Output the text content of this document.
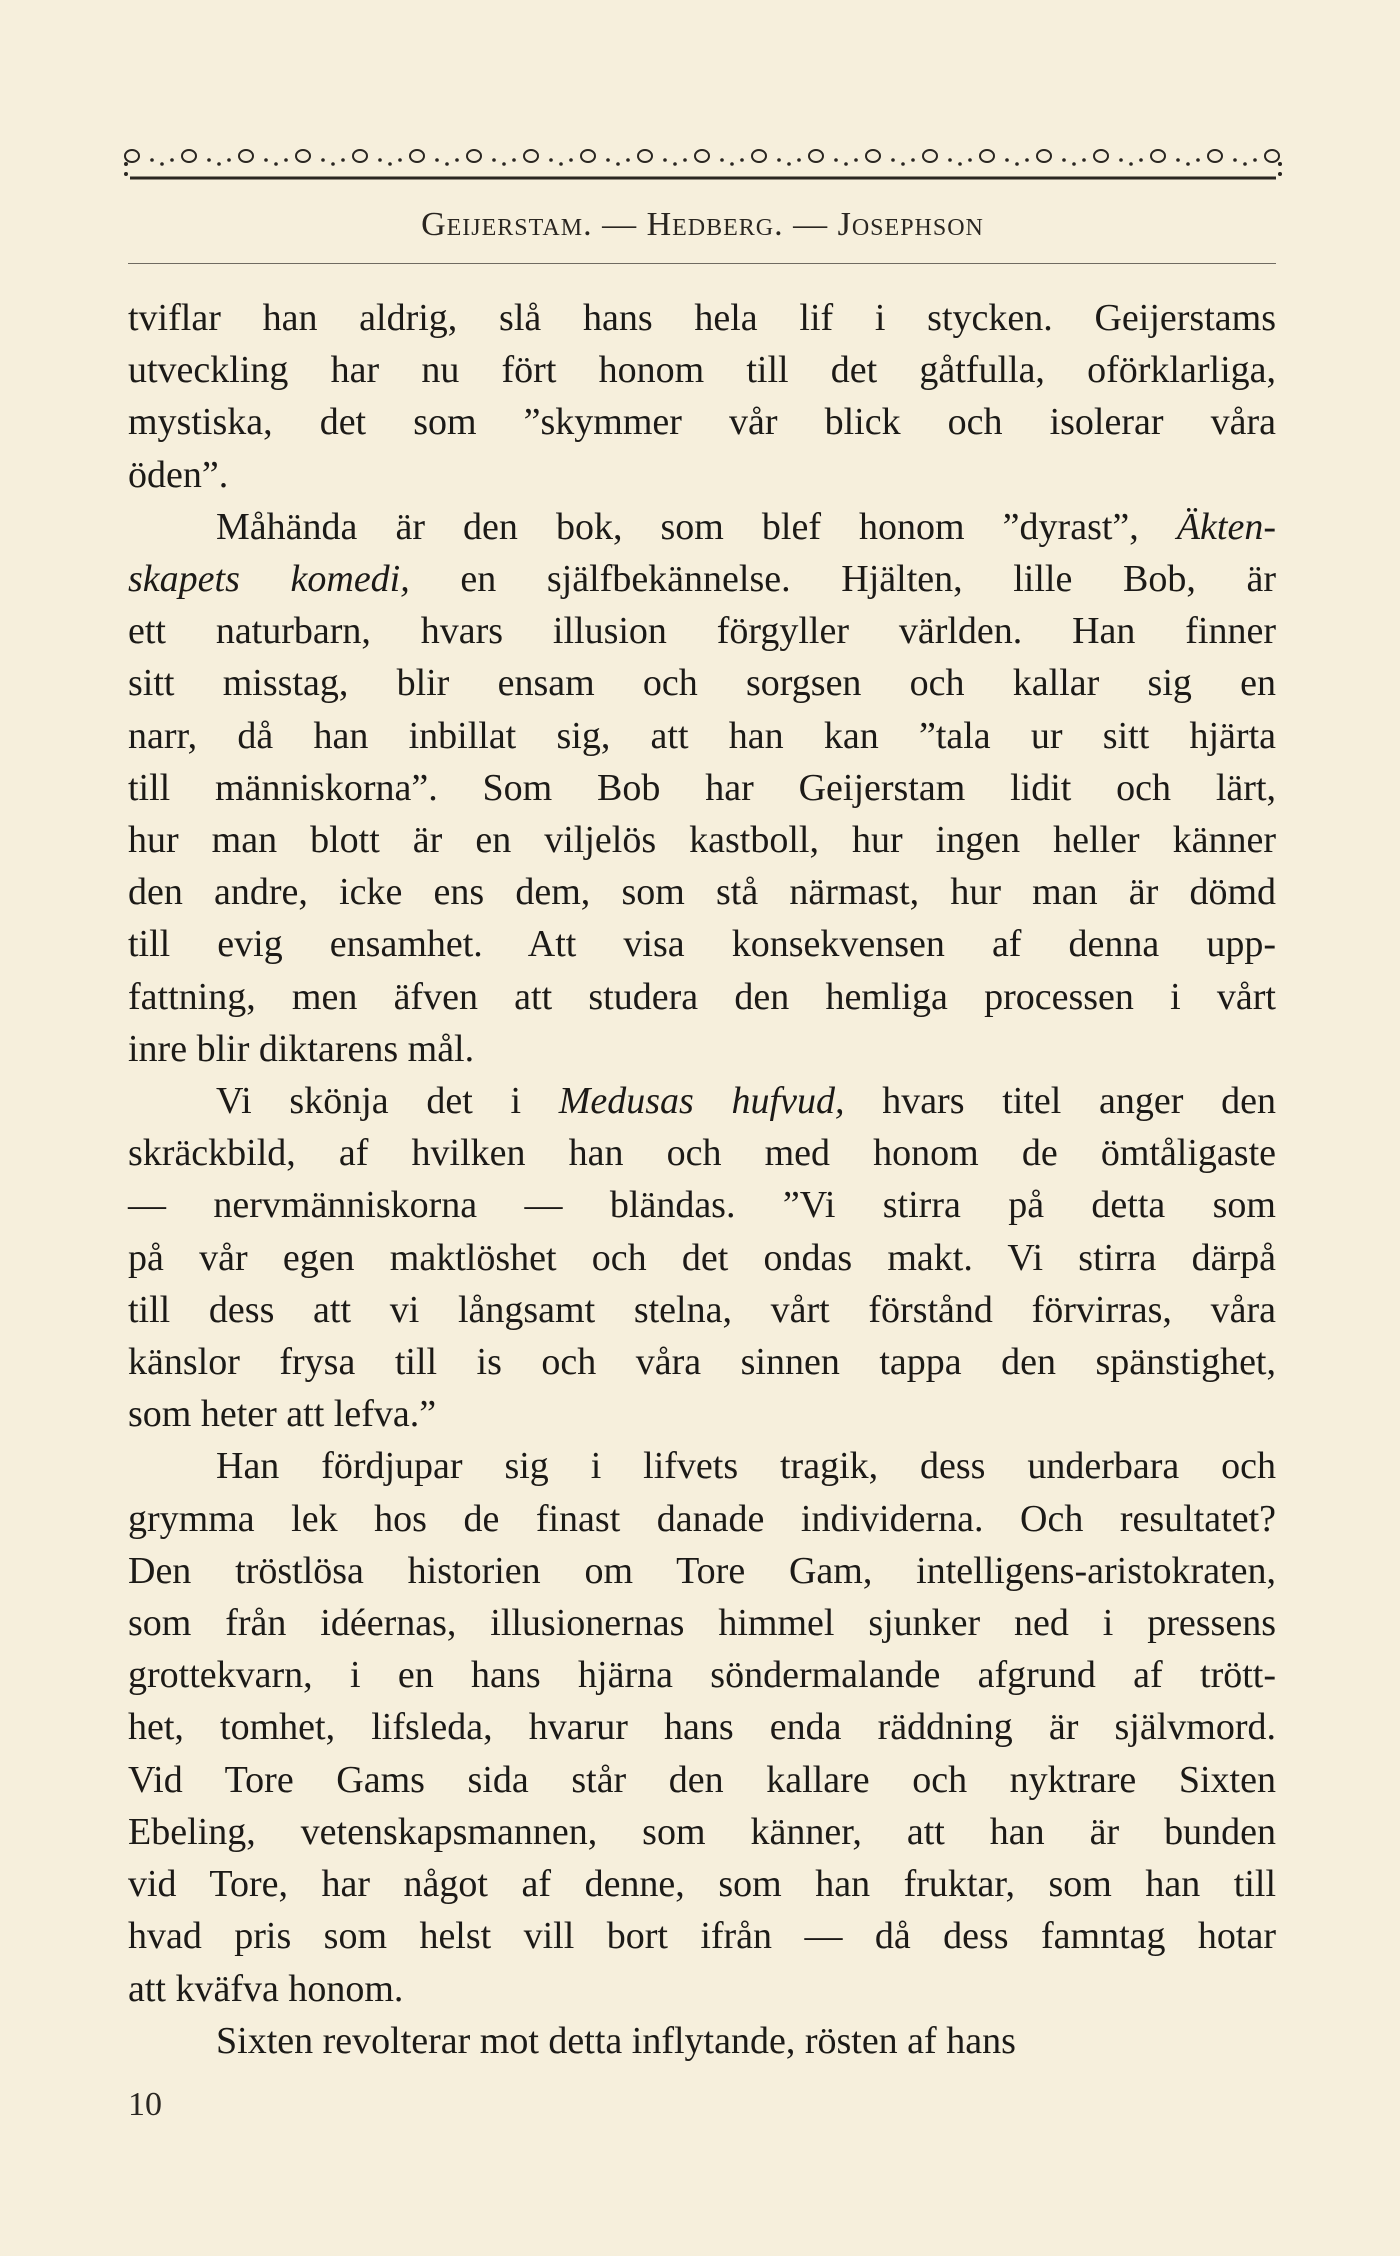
Geijerstam. — Hedberg. — Josephson
tviflar han aldrig, slå hans hela lif i stycken. Geijerstams
utveckling har nu fört honom till det gåtfulla, oförklarliga,
mystiska, det som ”skymmer vår blick och isolerar våra
öden”.
Måhända är den bok, som blef honom ”dyrast”, Äkten-
skapets komedi, en själfbekännelse. Hjälten, lille Bob, är
ett naturbarn, hvars illusion förgyller världen. Han finner
sitt misstag, blir ensam och sorgsen och kallar sig en
narr, då han inbillat sig, att han kan ”tala ur sitt hjärta
till människorna”. Som Bob har Geijerstam lidit och lärt,
hur man blott är en viljelös kastboll, hur ingen heller känner
den andre, icke ens dem, som stå närmast, hur man är dömd
till evig ensamhet. Att visa konsekvensen af denna upp-
fattning, men äfven att studera den hemliga processen i vårt
inre blir diktarens mål.
Vi skönja det i Medusas hufvud, hvars titel anger den
skräckbild, af hvilken han och med honom de ömtåligaste
— nervmänniskorna — bländas. ”Vi stirra på detta som
på vår egen maktlöshet och det ondas makt. Vi stirra därpå
till dess att vi långsamt stelna, vårt förstånd förvirras, våra
känslor frysa till is och våra sinnen tappa den spänstighet,
som heter att lefva.”
Han fördjupar sig i lifvets tragik, dess underbara och
grymma lek hos de finast danade individerna. Och resultatet?
Den tröstlösa historien om Tore Gam, intelligens-aristokraten,
som från idéernas, illusionernas himmel sjunker ned i pressens
grottekvarn, i en hans hjärna söndermalande afgrund af trött-
het, tomhet, lifsleda, hvarur hans enda räddning är självmord.
Vid Tore Gams sida står den kallare och nyktrare Sixten
Ebeling, vetenskapsmannen, som känner, att han är bunden
vid Tore, har något af denne, som han fruktar, som han till
hvad pris som helst vill bort ifrån — då dess famntag hotar
att kväfva honom.
Sixten revolterar mot detta inflytande, rösten af hans
10
